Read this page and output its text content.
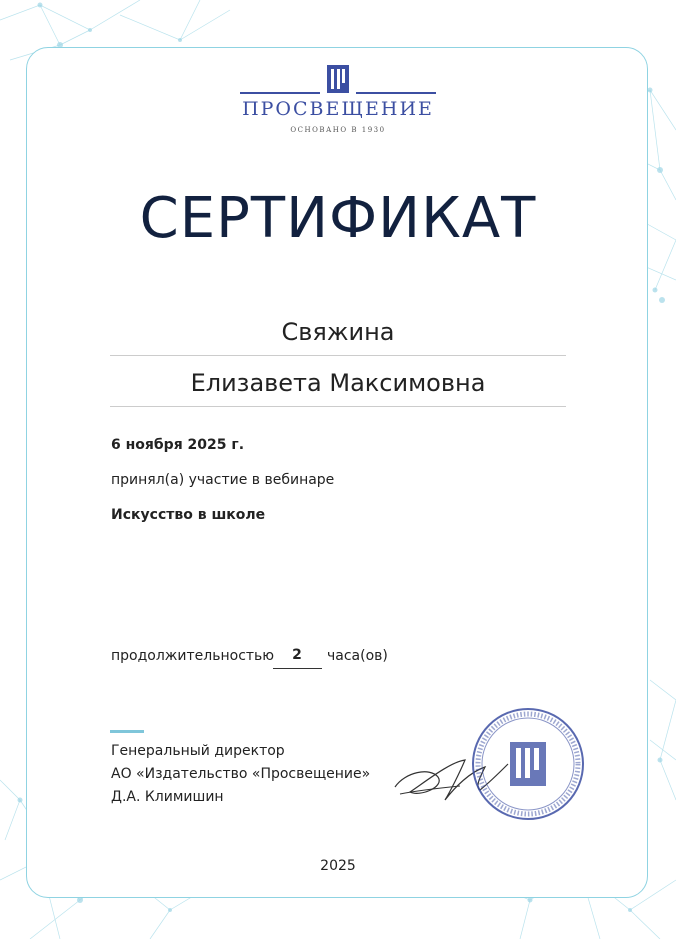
ПРОСВЕЩЕНИЕ
ОСНОВАНО В 1930
СЕРТИФИКАТ
Свяжина
Елизавета Максимовна
6 ноября 2025 г.
принял(а) участие в вебинаре
Искусство в школе
продолжительностью	2	часа(ов)
Генеральный директор
АО «Издательство «Просвещение»
Д.А. Климишин
2025
